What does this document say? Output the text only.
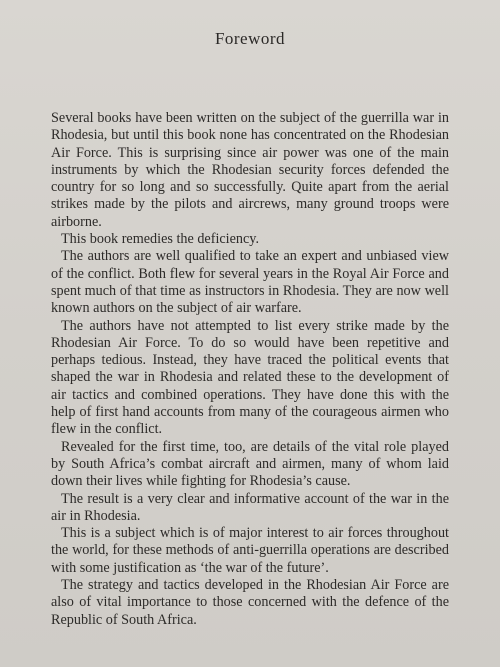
Foreword

Several books have been written on the subject of the guerrilla war in Rhodesia, but until this book none has concentrated on the Rhodesian Air Force. This is surprising since air power was one of the main instruments by which the Rhodesian security forces defended the country for so long and so successfully. Quite apart from the aerial strikes made by the pilots and aircrews, many ground troops were airborne.

This book remedies the deficiency.

The authors are well qualified to take an expert and unbiased view of the conflict. Both flew for several years in the Royal Air Force and spent much of that time as instructors in Rhodesia. They are now well known authors on the subject of air warfare.

The authors have not attempted to list every strike made by the Rhodesian Air Force. To do so would have been repetitive and perhaps tedious. Instead, they have traced the political events that shaped the war in Rhodesia and related these to the development of air tactics and combined operations. They have done this with the help of first hand accounts from many of the courageous airmen who flew in the conflict.

Revealed for the first time, too, are details of the vital role played by South Africa’s combat aircraft and airmen, many of whom laid down their lives while fighting for Rhodesia’s cause.

The result is a very clear and informative account of the war in the air in Rhodesia.

This is a subject which is of major interest to air forces throughout the world, for these methods of anti-guerrilla operations are described with some justification as ‘the war of the future’.

The strategy and tactics developed in the Rhodesian Air Force are also of vital importance to those concerned with the defence of the Republic of South Africa.
